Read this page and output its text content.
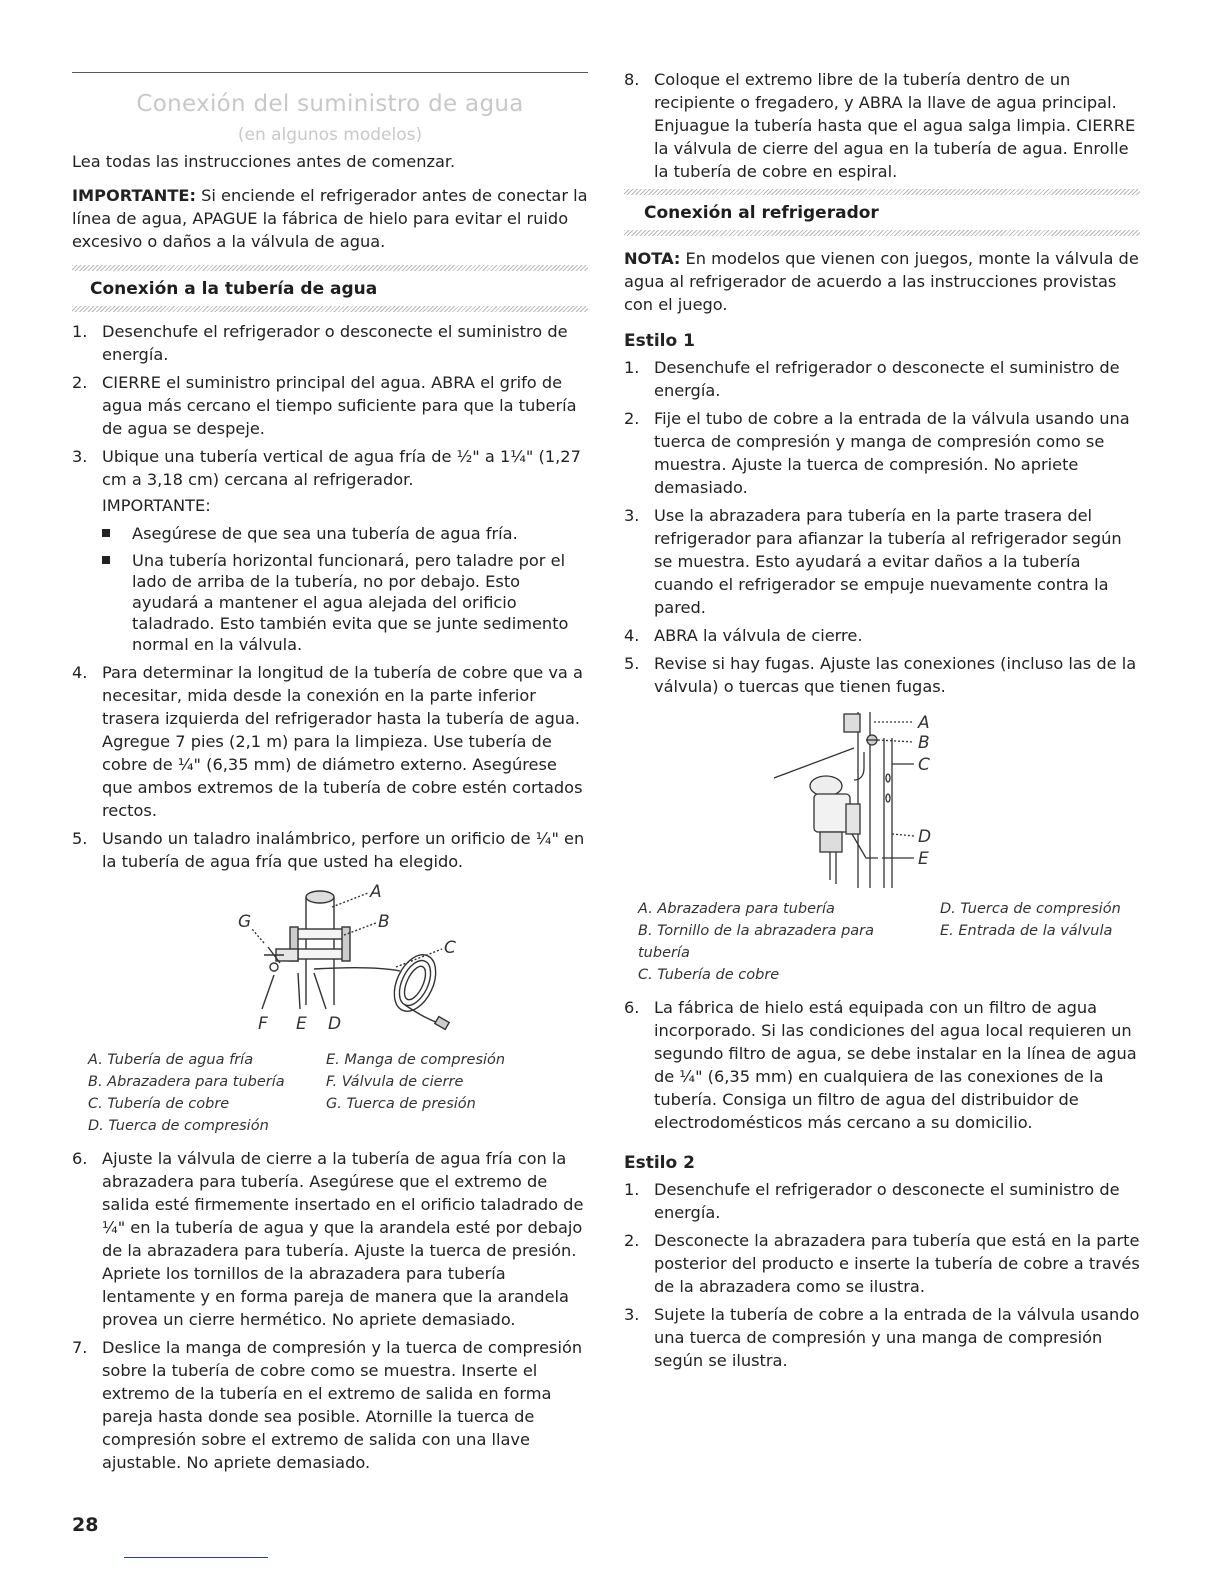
Conexión del suministro de agua
(en algunos modelos)

Lea todas las instrucciones antes de comenzar.

IMPORTANTE: Si enciende el refrigerador antes de conectar la línea de agua, APAGUE la fábrica de hielo para evitar el ruido excesivo o daños a la válvula de agua.

Conexión a la tubería de agua
1. Desenchufe el refrigerador o desconecte el suministro de energía.
2. CIERRE el suministro principal del agua. ABRA el grifo de agua más cercano el tiempo suficiente para que la tubería de agua se despeje.
3. Ubique una tubería vertical de agua fría de ½" a 1¼" (1,27 cm a 3,18 cm) cercana al refrigerador.
IMPORTANTE:
Asegúrese de que sea una tubería de agua fría.
Una tubería horizontal funcionará, pero taladre por el lado de arriba de la tubería, no por debajo. Esto ayudará a mantener el agua alejada del orificio taladrado. Esto también evita que se junte sedimento normal en la válvula.
4. Para determinar la longitud de la tubería de cobre que va a necesitar, mida desde la conexión en la parte inferior trasera izquierda del refrigerador hasta la tubería de agua. Agregue 7 pies (2,1 m) para la limpieza. Use tubería de cobre de ¼" (6,35 mm) de diámetro externo. Asegúrese que ambos extremos de la tubería de cobre estén cortados rectos.
5. Usando un taladro inalámbrico, perfore un orificio de ¼" en la tubería de agua fría que usted ha elegido.
A
B
C
D
E
F
G
A. Tubería de agua fría	E. Manga de compresión
B. Abrazadera para tubería	F. Válvula de cierre
C. Tubería de cobre	G. Tuerca de presión
D. Tuerca de compresión
6. Ajuste la válvula de cierre a la tubería de agua fría con la abrazadera para tubería. Asegúrese que el extremo de salida esté firmemente insertado en el orificio taladrado de ¼" en la tubería de agua y que la arandela esté por debajo de la abrazadera para tubería. Ajuste la tuerca de presión. Apriete los tornillos de la abrazadera para tubería lentamente y en forma pareja de manera que la arandela provea un cierre hermético. No apriete demasiado.
7. Deslice la manga de compresión y la tuerca de compresión sobre la tubería de cobre como se muestra. Inserte el extremo de la tubería en el extremo de salida en forma pareja hasta donde sea posible. Atornille la tuerca de compresión sobre el extremo de salida con una llave ajustable. No apriete demasiado.
8. Coloque el extremo libre de la tubería dentro de un recipiente o fregadero, y ABRA la llave de agua principal. Enjuague la tubería hasta que el agua salga limpia. CIERRE la válvula de cierre del agua en la tubería de agua. Enrolle la tubería de cobre en espiral.
Conexión al refrigerador

NOTA: En modelos que vienen con juegos, monte la válvula de agua al refrigerador de acuerdo a las instrucciones provistas con el juego.

Estilo 1
1. Desenchufe el refrigerador o desconecte el suministro de energía.
2. Fije el tubo de cobre a la entrada de la válvula usando una tuerca de compresión y manga de compresión como se muestra. Ajuste la tuerca de compresión. No apriete demasiado.
3. Use la abrazadera para tubería en la parte trasera del refrigerador para afianzar la tubería al refrigerador según se muestra. Esto ayudará a evitar daños a la tubería cuando el refrigerador se empuje nuevamente contra la pared.
4. ABRA la válvula de cierre.
5. Revise si hay fugas. Ajuste las conexiones (incluso las de la válvula) o tuercas que tienen fugas.
A
B
C
D
E
A. Abrazadera para tubería	D. Tuerca de compresión
B. Tornillo de la abrazadera para tubería
E. Entrada de la válvula
C. Tubería de cobre
6. La fábrica de hielo está equipada con un filtro de agua incorporado. Si las condiciones del agua local requieren un segundo filtro de agua, se debe instalar en la línea de agua de ¼" (6,35 mm) en cualquiera de las conexiones de la tubería. Consiga un filtro de agua del distribuidor de electrodomésticos más cercano a su domicilio.
Estilo 2
1. Desenchufe el refrigerador o desconecte el suministro de energía.
2. Desconecte la abrazadera para tubería que está en la parte posterior del producto e inserte la tubería de cobre a través de la abrazadera como se ilustra.
3. Sujete la tubería de cobre a la entrada de la válvula usando una tuerca de compresión y una manga de compresión según se ilustra.
28
